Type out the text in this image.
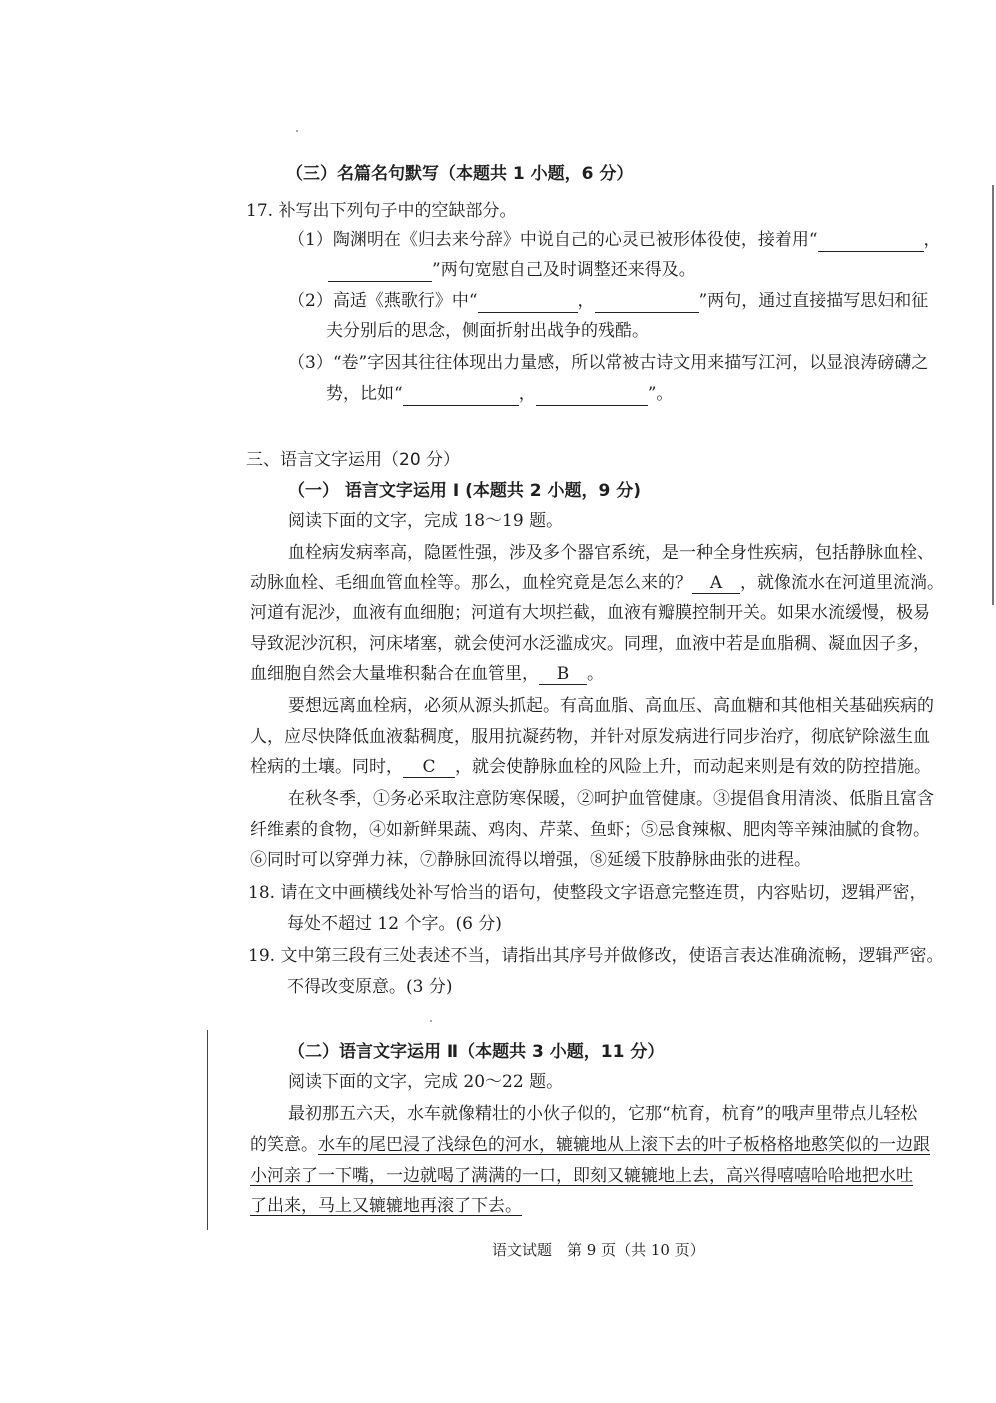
（三）名篇名句默写（本题共 1 小题，6 分）
17. 补写出下列句子中的空缺部分。
（1）陶渊明在《归去来兮辞》中说自己的心灵已被形体役使，接着用“	，
”两句宽慰自己及时调整还来得及。
（2）高适《燕歌行》中“	，	”两句，通过直接描写思妇和征
夫分别后的思念，侧面折射出战争的残酷。
（3）“卷”字因其往往体现出力量感，所以常被古诗文用来描写江河，以显浪涛磅礴之
势，比如“	，	”。
三、语言文字运用（20 分）
（一） 语言文字运用 Ⅰ (本题共 2 小题，9 分)
阅读下面的文字，完成 18～19 题。
血栓病发病率高，隐匿性强，涉及多个器官系统，是一种全身性疾病，包括静脉血栓、
动脉血栓、毛细血管血栓等。那么，血栓究竟是怎么来的？ A ，就像流水在河道里流淌。
河道有泥沙，血液有血细胞；河道有大坝拦截，血液有瓣膜控制开关。如果水流缓慢，极易
导致泥沙沉积，河床堵塞，就会使河水泛滥成灾。同理，血液中若是血脂稠、凝血因子多，
血细胞自然会大量堆积黏合在血管里， B 。
要想远离血栓病，必须从源头抓起。有高血脂、高血压、高血糖和其他相关基础疾病的
人，应尽快降低血液黏稠度，服用抗凝药物，并针对原发病进行同步治疗，彻底铲除滋生血
栓病的土壤。同时， C ，就会使静脉血栓的风险上升，而动起来则是有效的防控措施。
在秋冬季，①务必采取注意防寒保暖，②呵护血管健康。③提倡食用清淡、低脂且富含
纤维素的食物，④如新鲜果蔬、鸡肉、芹菜、鱼虾；⑤忌食辣椒、肥肉等辛辣油腻的食物。
⑥同时可以穿弹力袜，⑦静脉回流得以增强，⑧延缓下肢静脉曲张的进程。
18. 请在文中画横线处补写恰当的语句，使整段文字语意完整连贯，内容贴切，逻辑严密，
每处不超过 12 个字。(6 分)
19. 文中第三段有三处表述不当，请指出其序号并做修改，使语言表达准确流畅，逻辑严密。
不得改变原意。(3 分)
（二）语言文字运用 Ⅱ（本题共 3 小题，11 分）
阅读下面的文字，完成 20～22 题。
最初那五六天，水车就像精壮的小伙子似的，它那“杭育，杭育”的哦声里带点儿轻松
的笑意。水车的尾巴浸了浅绿色的河水，辘辘地从上滚下去的叶子板格格地憨笑似的一边跟
小河亲了一下嘴，一边就喝了满满的一口，即刻又辘辘地上去，高兴得嘻嘻哈哈地把水吐
了出来，马上又辘辘地再滚了下去。
语文试题　第 9 页（共 10 页）
